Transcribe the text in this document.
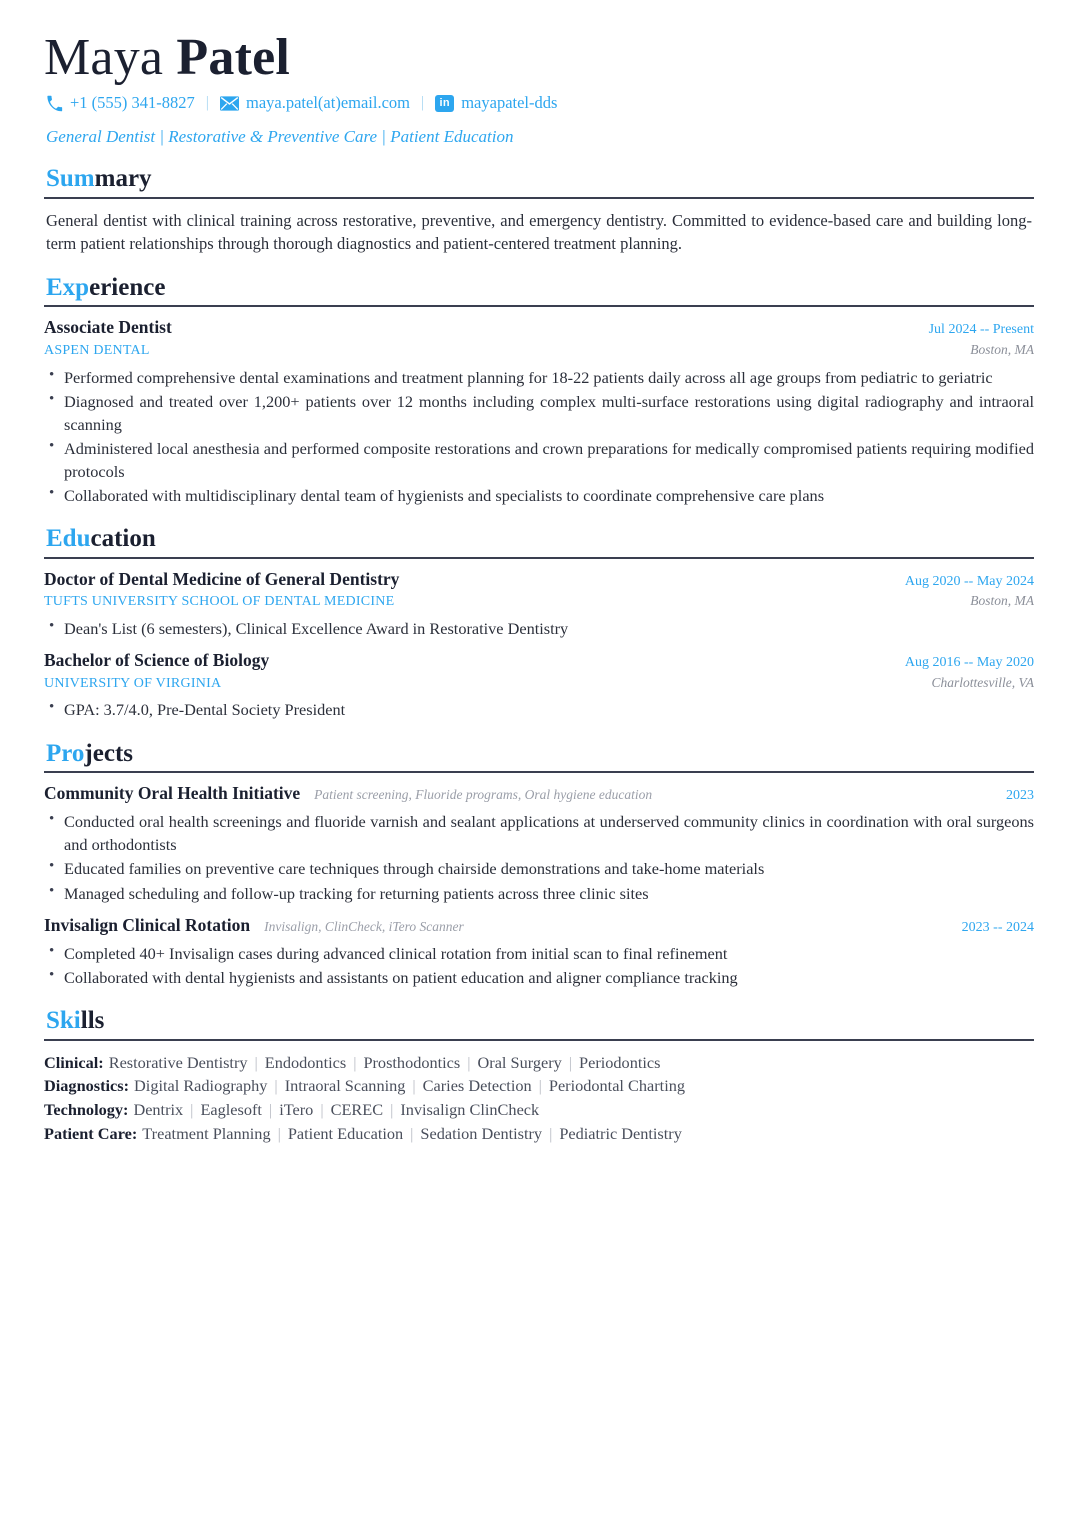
Maya Patel
+1 (555) 341-8827 |	maya.patel(at)email.com |	in mayapatel-dds
General Dentist | Restorative & Preventive Care | Patient Education
Summary

General dentist with clinical training across restorative, preventive, and emergency dentistry. Committed to evidence-based care and building long-term patient relationships through thorough diagnostics and patient-centered treatment planning.

Experience
Associate Dentist	Jul 2024 -- Present
ASPEN DENTAL	Boston, MA
• Performed comprehensive dental examinations and treatment planning for 18-22 patients daily across all age groups from pediatric to geriatric
• Diagnosed and treated over 1,200+ patients over 12 months including complex multi-surface restorations using digital radiography and intraoral scanning
• Administered local anesthesia and performed composite restorations and crown preparations for medically compromised patients requiring modified protocols
• Collaborated with multidisciplinary dental team of hygienists and specialists to coordinate comprehensive care plans
Education
Doctor of Dental Medicine of General Dentistry	Aug 2020 -- May 2024
TUFTS UNIVERSITY SCHOOL OF DENTAL MEDICINE	Boston, MA
• Dean's List (6 semesters), Clinical Excellence Award in Restorative Dentistry
Bachelor of Science of Biology	Aug 2016 -- May 2020
UNIVERSITY OF VIRGINIA	Charlottesville, VA
• GPA: 3.7/4.0, Pre-Dental Society President
Projects
Community Oral Health Initiative Patient screening, Fluoride programs, Oral hygiene education	2023
• Conducted oral health screenings and fluoride varnish and sealant applications at underserved community clinics in coordination with oral surgeons and orthodontists
• Educated families on preventive care techniques through chairside demonstrations and take-home materials
• Managed scheduling and follow-up tracking for returning patients across three clinic sites
Invisalign Clinical Rotation Invisalign, ClinCheck, iTero Scanner	2023 -- 2024
• Completed 40+ Invisalign cases during advanced clinical rotation from initial scan to final refinement
• Collaborated with dental hygienists and assistants on patient education and aligner compliance tracking
Skills
Clinical: Restorative Dentistry | Endodontics | Prosthodontics | Oral Surgery | Periodontics
Diagnostics: Digital Radiography | Intraoral Scanning | Caries Detection | Periodontal Charting
Technology: Dentrix | Eaglesoft | iTero | CEREC | Invisalign ClinCheck
Patient Care: Treatment Planning | Patient Education | Sedation Dentistry | Pediatric Dentistry
